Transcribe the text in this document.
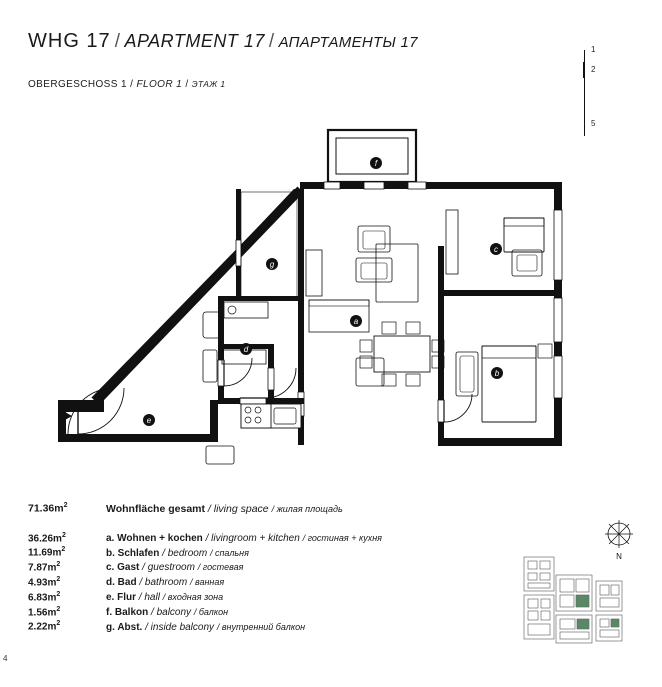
WHG 17 / APARTMENT 17 / АПАРТАМЕНТЫ 17
OBERGESCHOSS 1 / FLOOR 1 / ЭТАЖ 1
1
2
5
a
b
c
d
e
f
g
$71.36m^2$	Wohnfläche gesamt / living space / жилая площадь
$36.26m^2$	a. Wohnen + kochen / livingroom + kitchen / гостиная + кухня
$11.69m^2$	b. Schlafen / bedroom / спальня
$7.87m^2$	c. Gast / guestroom / гостевая
$4.93m^2$	d. Bad / bathroom / ванная
$6.83m^2$	e. Flur / hall / входная зона
$1.56m^2$	f. Balkon / balcony / балкон
$2.22m^2$	g. Abst. / inside balcony / внутренний балкон
4
N
